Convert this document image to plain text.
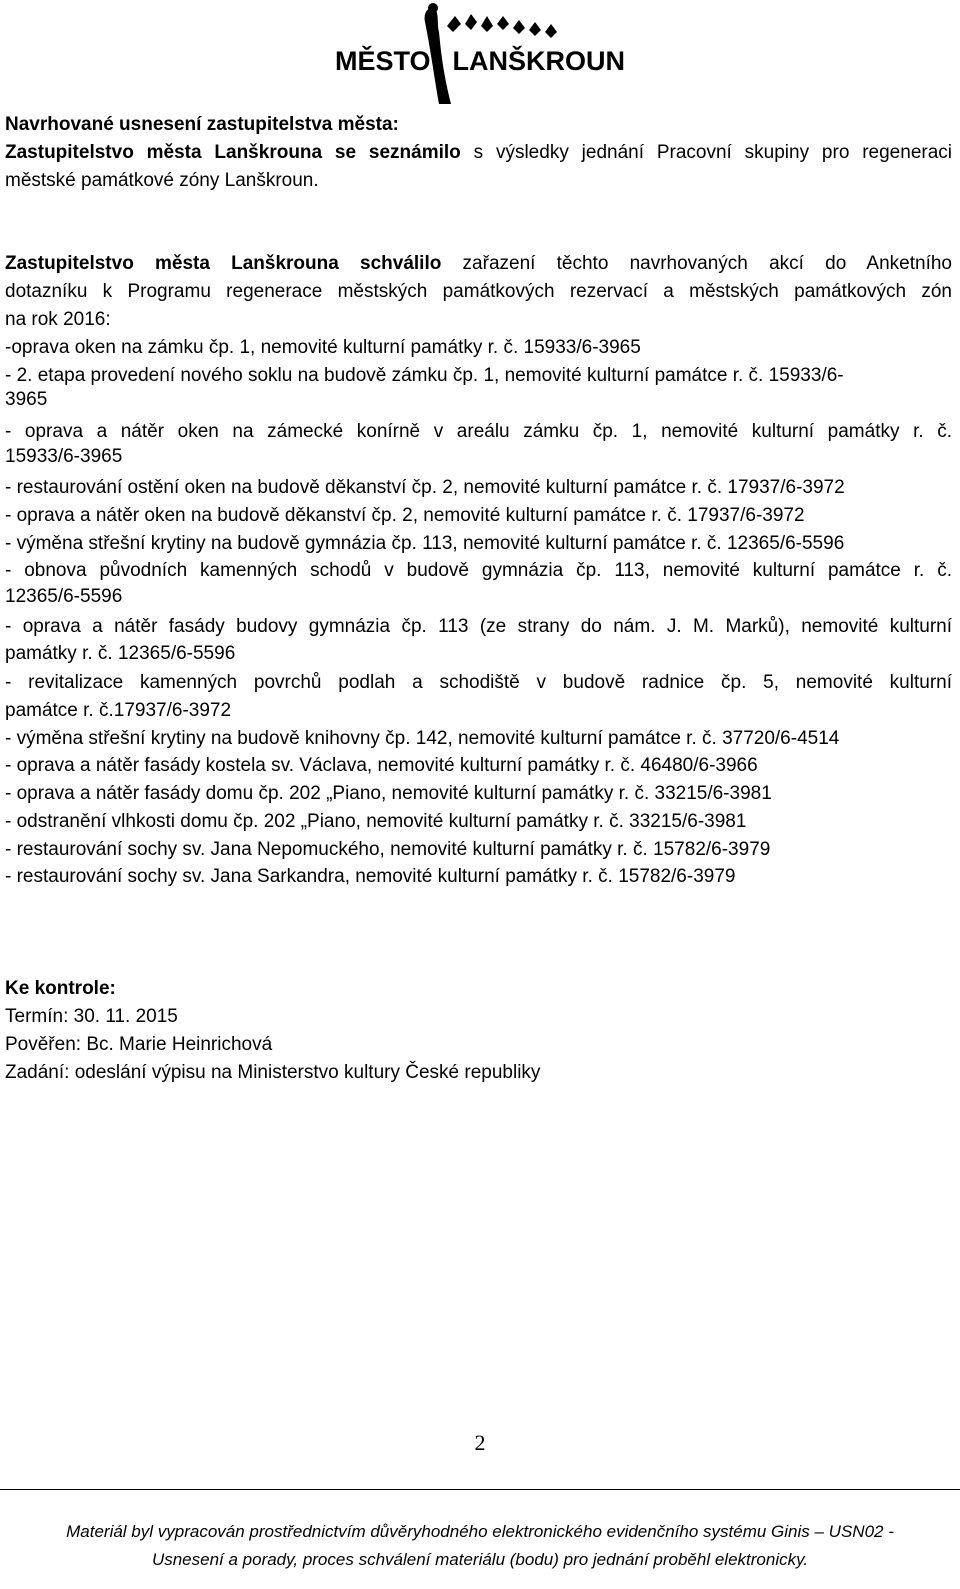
MĚSTO LANŠKROUN
Navrhované usnesení zastupitelstva města:
Zastupitelstvo města Lanškrouna se seznámilo s výsledky jednání Pracovní skupiny pro regeneraci
městské památkové zóny Lanškroun.
Zastupitelstvo města Lanškrouna schválilo zařazení těchto navrhovaných akcí do Anketního
dotazníku k Programu regenerace městských památkových rezervací a městských památkových zón
na rok 2016:
-oprava oken na zámku čp. 1, nemovité kulturní památky r. č. 15933/6-3965
- 2. etapa provedení nového soklu na budově zámku čp. 1, nemovité kulturní památce r. č. 15933/6-
3965
- oprava a nátěr oken na zámecké konírně v areálu zámku čp. 1, nemovité kulturní památky r. č.
15933/6-3965
- restaurování ostění oken na budově děkanství čp. 2, nemovité kulturní památce r. č. 17937/6-3972
- oprava a nátěr oken na budově děkanství čp. 2, nemovité kulturní památce r. č. 17937/6-3972
- výměna střešní krytiny na budově gymnázia čp. 113, nemovité kulturní památce r. č. 12365/6-5596
- obnova původních kamenných schodů v budově gymnázia čp. 113, nemovité kulturní památce r. č.
12365/6-5596
- oprava a nátěr fasády budovy gymnázia čp. 113 (ze strany do nám. J. M. Marků), nemovité kulturní
památky r. č. 12365/6-5596
- revitalizace kamenných povrchů podlah a schodiště v budově radnice čp. 5, nemovité kulturní
památce r. č.17937/6-3972
- výměna střešní krytiny na budově knihovny čp. 142, nemovité kulturní památce r. č. 37720/6-4514
- oprava a nátěr fasády kostela sv. Václava, nemovité kulturní památky r. č. 46480/6-3966
- oprava a nátěr fasády domu čp. 202 „Piano, nemovité kulturní památky r. č. 33215/6-3981
- odstranění vlhkosti domu čp. 202 „Piano, nemovité kulturní památky r. č. 33215/6-3981
- restaurování sochy sv. Jana Nepomuckého, nemovité kulturní památky r. č. 15782/6-3979
- restaurování sochy sv. Jana Sarkandra, nemovité kulturní památky r. č. 15782/6-3979
Ke kontrole:
Termín: 30. 11. 2015
Pověřen: Bc. Marie Heinrichová
Zadání: odeslání výpisu na Ministerstvo kultury České republiky
2
Materiál byl vypracován prostřednictvím důvěryhodného elektronického evidenčního systému Ginis – USN02 -
Usnesení a porady, proces schválení materiálu (bodu) pro jednání proběhl elektronicky.
